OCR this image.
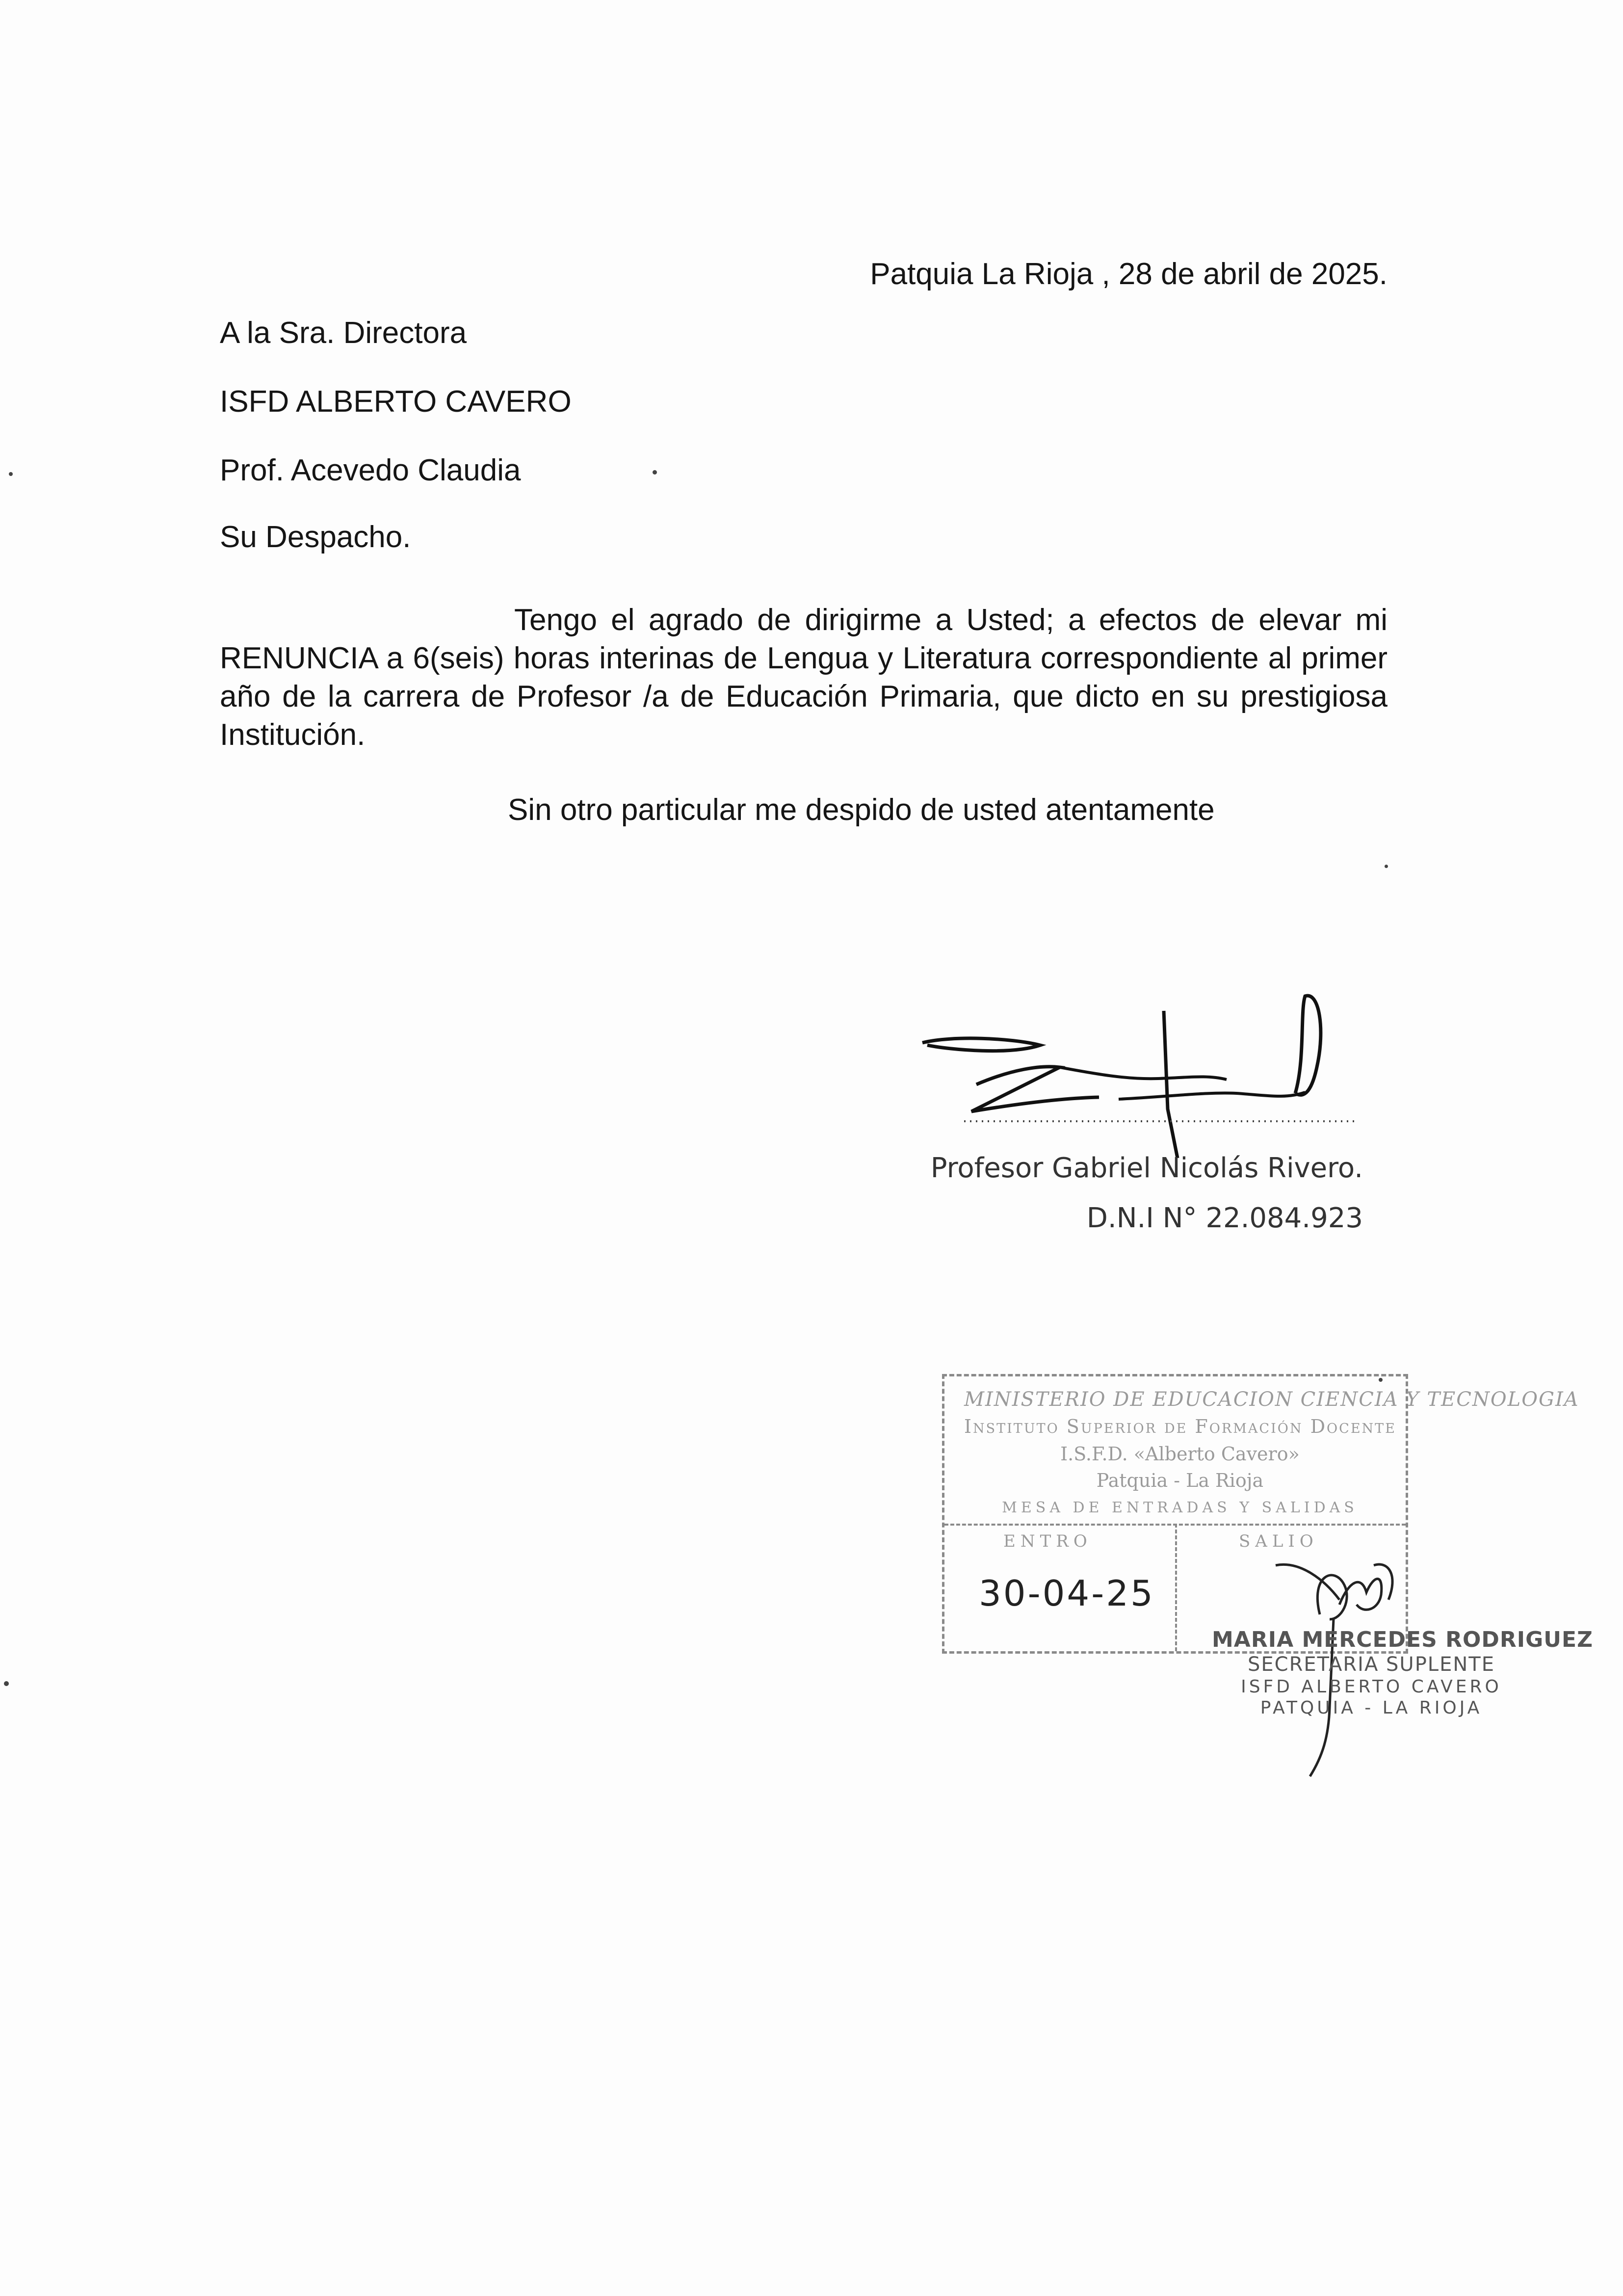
Patquia La Rioja , 28 de abril de 2025.
A la Sra. Directora
ISFD ALBERTO CAVERO
Prof. Acevedo Claudia
Su Despacho.
Tengo el agrado de dirigirme a Usted; a efectos de elevar mi RENUNCIA a 6(seis) horas interinas de Lengua y Literatura correspondiente al primer año de la carrera de Profesor /a de Educación Primaria, que dicto en su prestigiosa Institución.
Sin otro particular me despido de usted atentamente
Profesor Gabriel Nicolás Rivero.
D.N.I N° 22.084.923
MINISTERIO DE EDUCACION CIENCIA Y TECNOLOGIA
Instituto Superior de Formación Docente
I.S.F.D. «Alberto Cavero»
Patquia - La Rioja
MESA DE ENTRADAS Y SALIDAS
ENTRO	SALIO
30-04-25
MARIA MERCEDES RODRIGUEZ
SECRETARIA SUPLENTE
ISFD ALBERTO CAVERO
PATQUIA - LA RIOJA
